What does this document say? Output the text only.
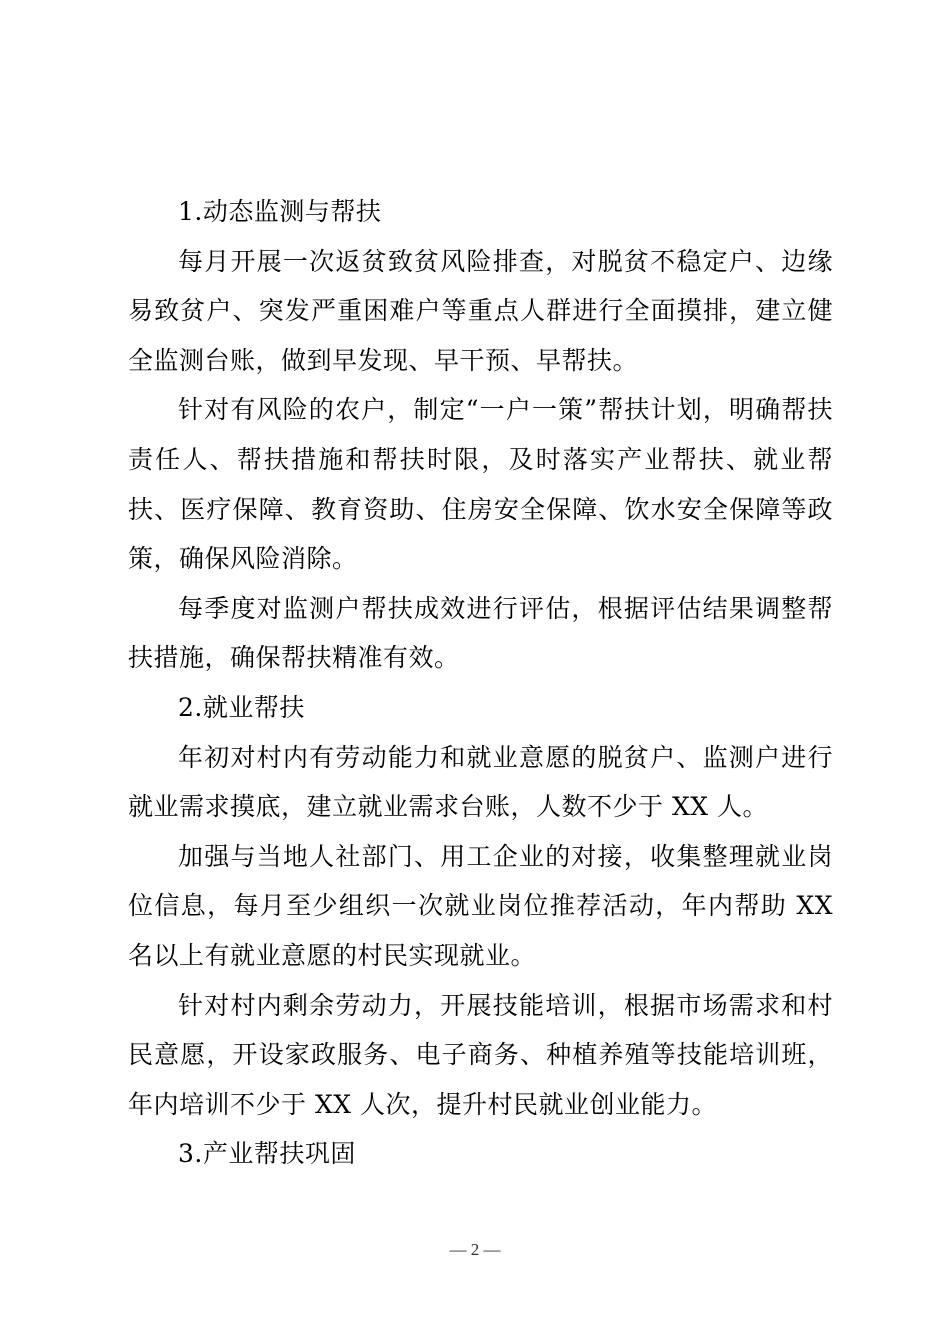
1.动态监测与帮扶

每月开展一次返贫致贫风险排查，对脱贫不稳定户、边缘易致贫户、突发严重困难户等重点人群进行全面摸排，建立健全监测台账，做到早发现、早干预、早帮扶。

针对有风险的农户，制定“一户一策”帮扶计划，明确帮扶责任人、帮扶措施和帮扶时限，及时落实产业帮扶、就业帮扶、医疗保障、教育资助、住房安全保障、饮水安全保障等政策，确保风险消除。

每季度对监测户帮扶成效进行评估，根据评估结果调整帮扶措施，确保帮扶精准有效。

2.就业帮扶

年初对村内有劳动能力和就业意愿的脱贫户、监测户进行就业需求摸底，建立就业需求台账，人数不少于 XX 人。

加强与当地人社部门、用工企业的对接，收集整理就业岗位信息，每月至少组织一次就业岗位推荐活动，年内帮助 XX 名以上有就业意愿的村民实现就业。

针对村内剩余劳动力，开展技能培训，根据市场需求和村民意愿，开设家政服务、电子商务、种植养殖等技能培训班，年内培训不少于 XX 人次，提升村民就业创业能力。

3.产业帮扶巩固

— 2 —
